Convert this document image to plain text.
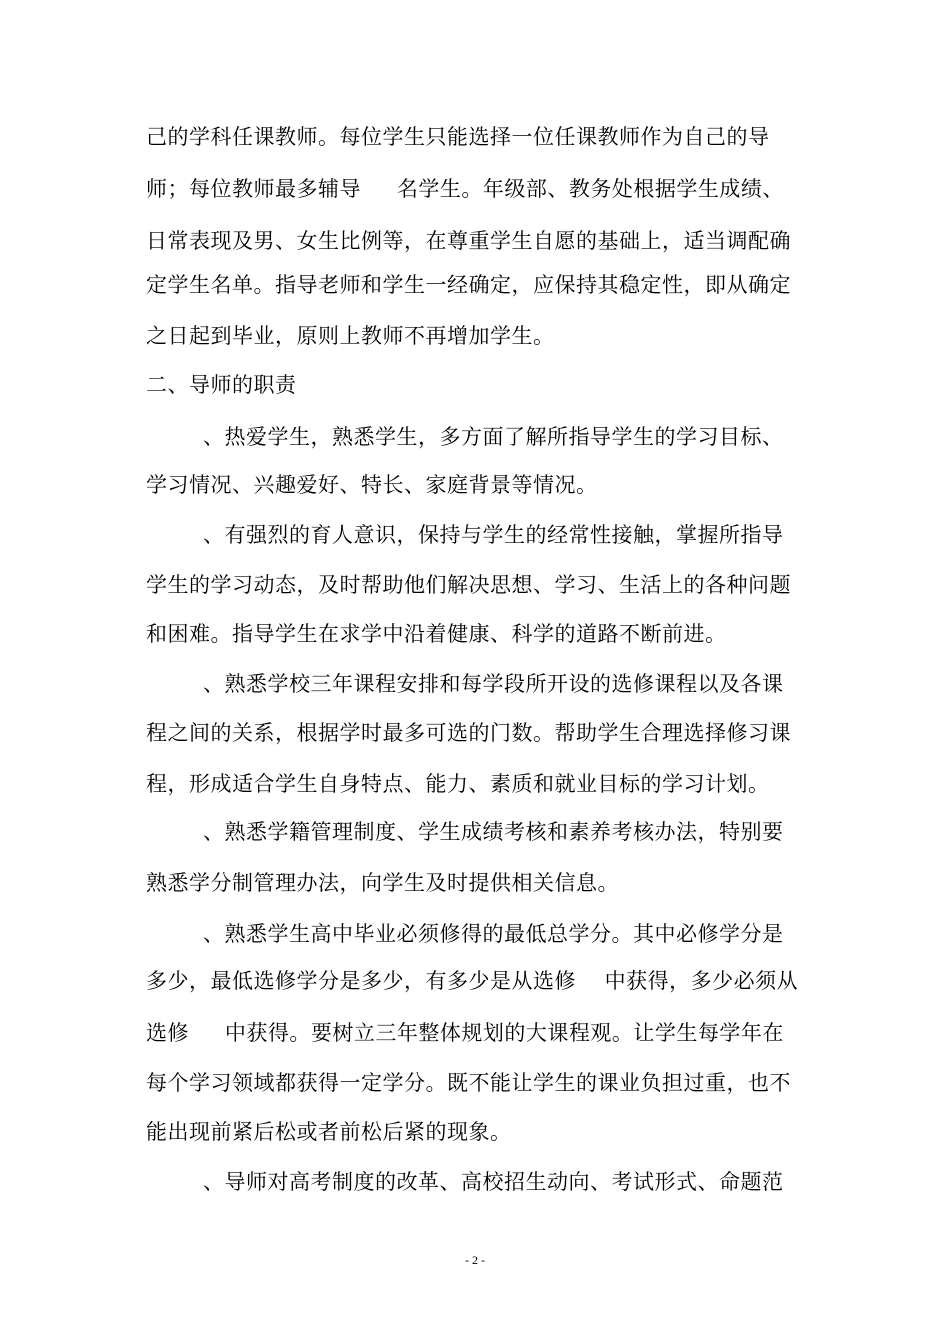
己的学科任课教师。每位学生只能选择一位任课教师作为自己的导
师；每位教师最多辅导 　 名学生。年级部、教务处根据学生成绩、
日常表现及男、女生比例等，在尊重学生自愿的基础上，适当调配确
定学生名单。指导老师和学生一经确定，应保持其稳定性，即从确定
之日起到毕业，原则上教师不再增加学生。
二、导师的职责
、热爱学生，熟悉学生，多方面了解所指导学生的学习目标、
学习情况、兴趣爱好、特长、家庭背景等情况。
、有强烈的育人意识，保持与学生的经常性接触，掌握所指导
学生的学习动态，及时帮助他们解决思想、学习、生活上的各种问题
和困难。指导学生在求学中沿着健康、科学的道路不断前进。
、熟悉学校三年课程安排和每学段所开设的选修课程以及各课
程之间的关系，根据学时最多可选的门数。帮助学生合理选择修习课
程，形成适合学生自身特点、能力、素质和就业目标的学习计划。
、熟悉学籍管理制度、学生成绩考核和素养考核办法，特别要
熟悉学分制管理办法，向学生及时提供相关信息。
、熟悉学生高中毕业必须修得的最低总学分。其中必修学分是
多少，最低选修学分是多少，有多少是从选修 　中获得，多少必须从
选修 　 中获得。要树立三年整体规划的大课程观。让学生每学年在
每个学习领域都获得一定学分。既不能让学生的课业负担过重，也不
能出现前紧后松或者前松后紧的现象。
、导师对高考制度的改革、高校招生动向、考试形式、命题范
- 2 -
